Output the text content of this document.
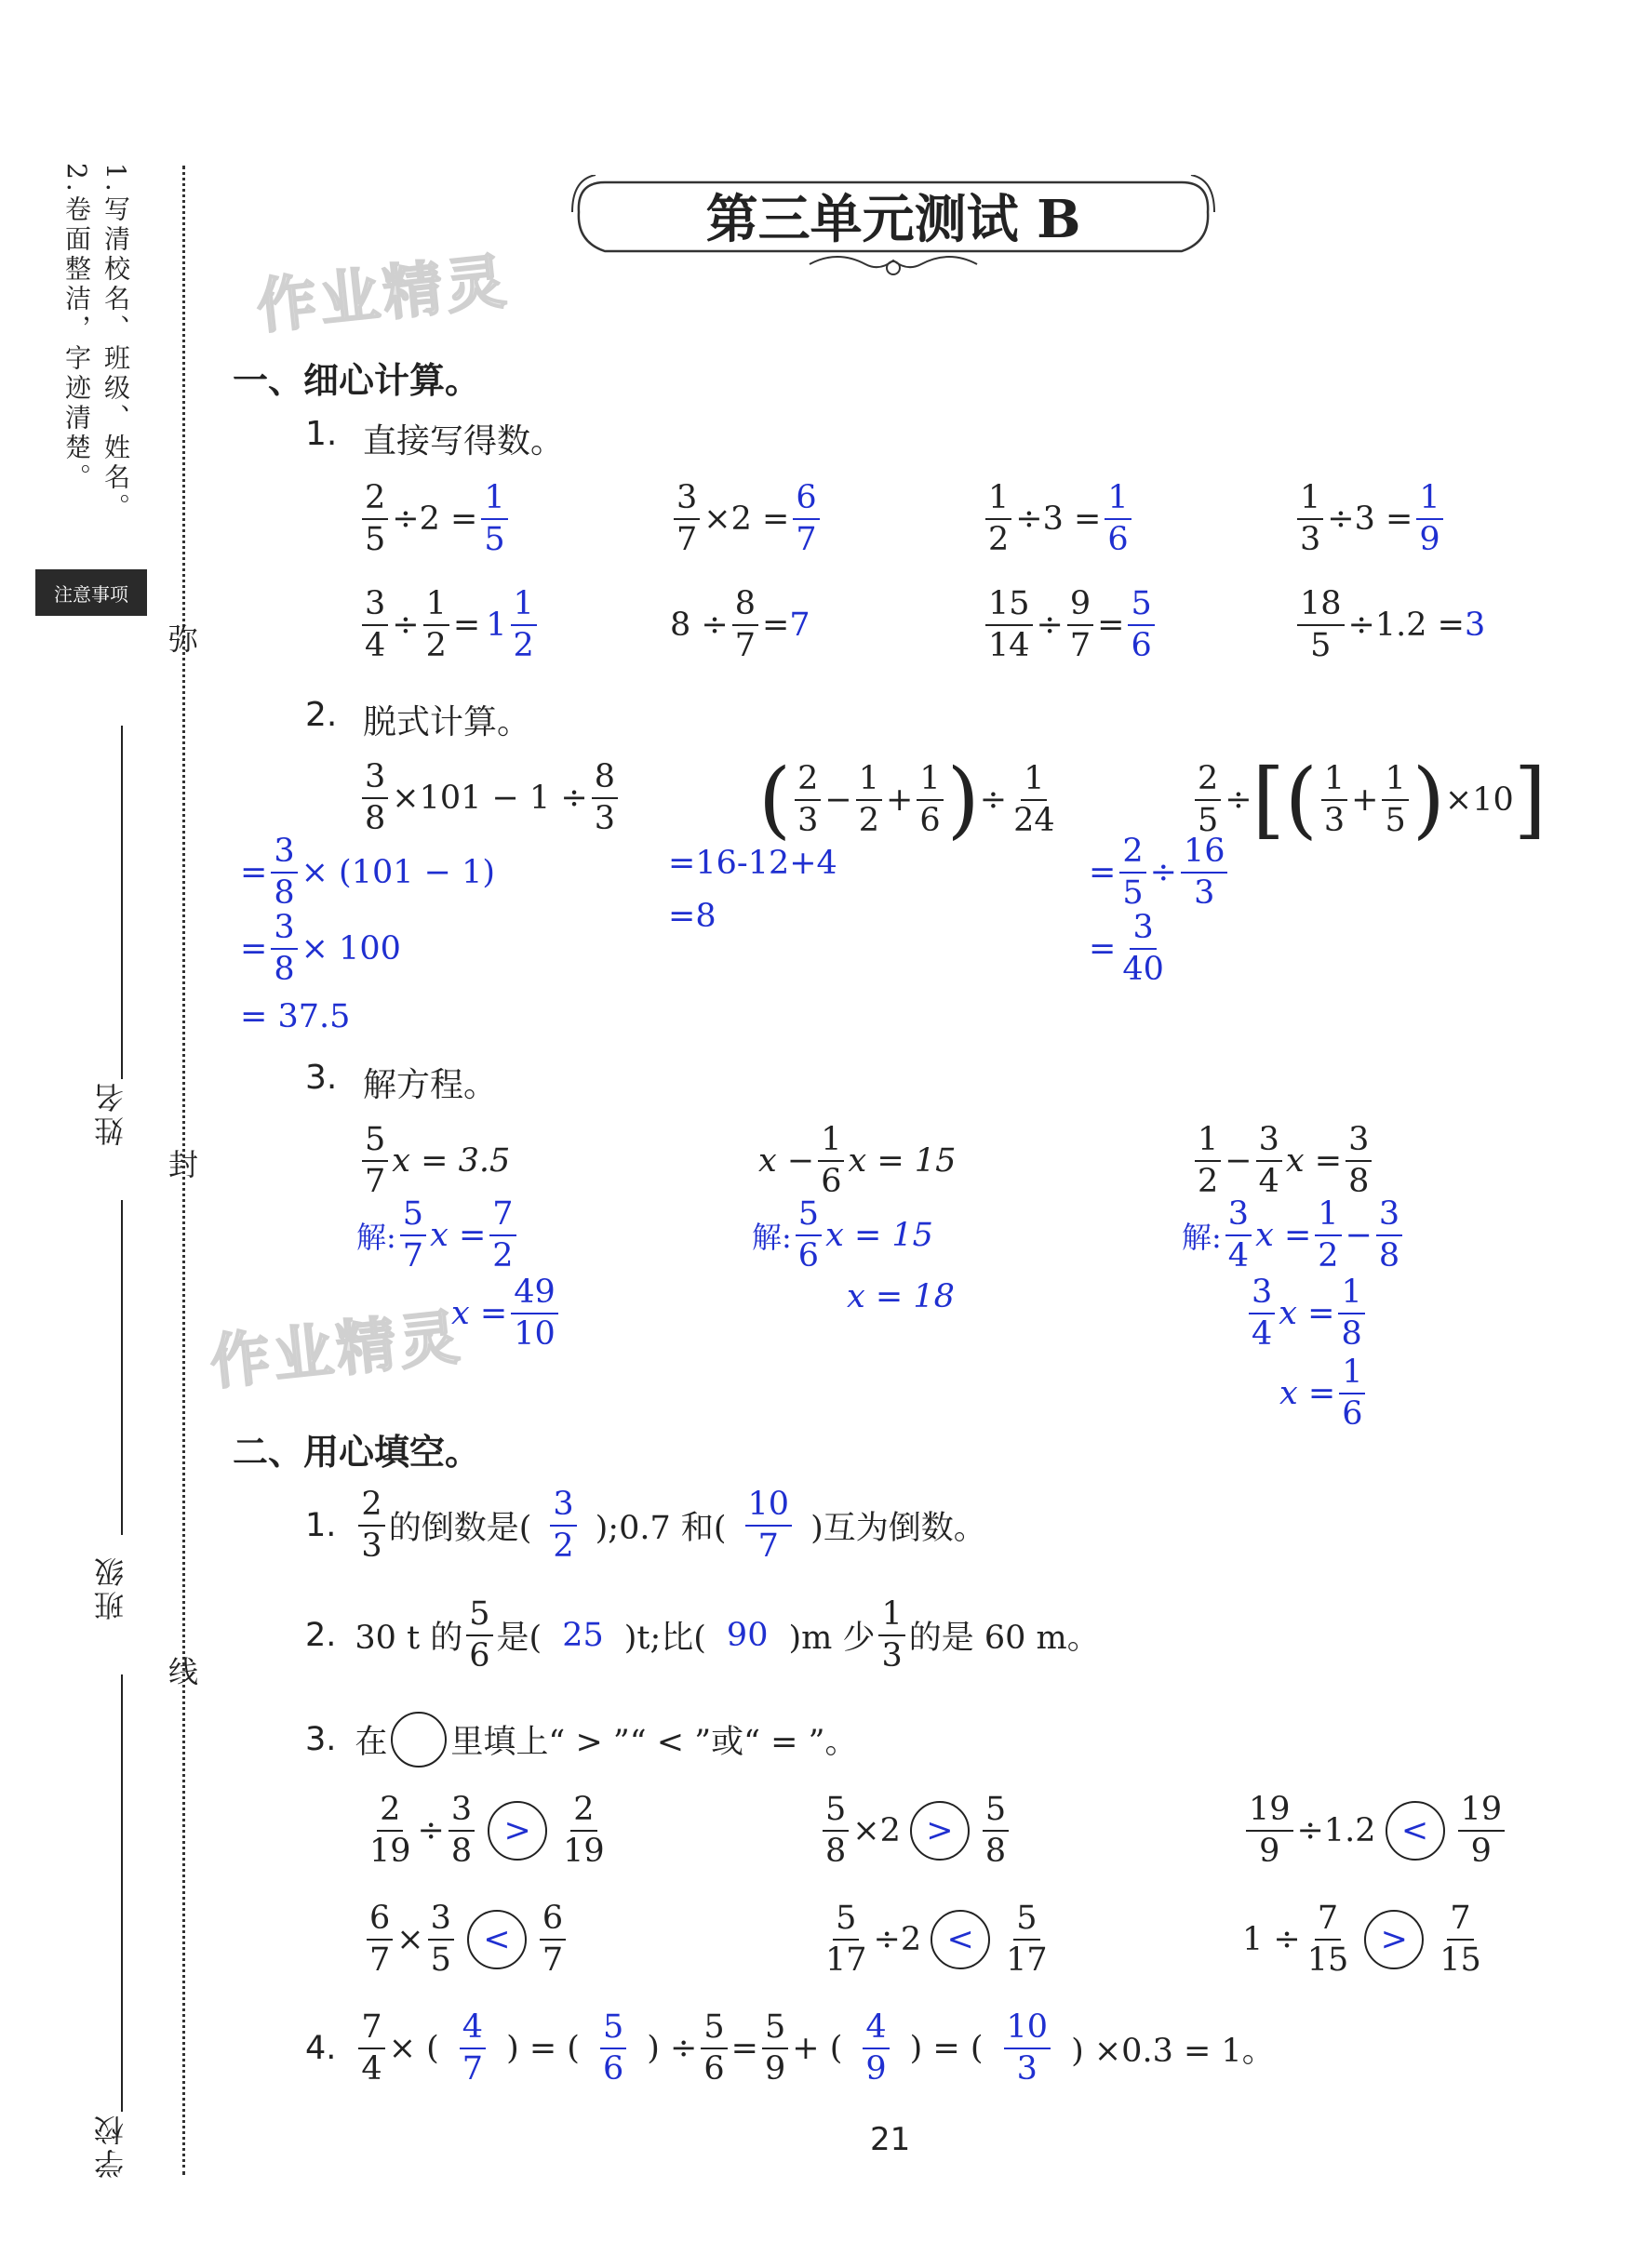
2.卷面整洁，字迹清楚。 1.写清校名、班级、姓名。
注意事项
弥
封
线
姓名
班级
学校
第三单元测试 B
作业精灵
作业精灵
一、细心计算。
1. 直接写得数。
$\frac{2}{5} \div 2 = \frac{1}{5}$	$\frac{3}{7} \times 2 = \frac{6}{7}$	$\frac{1}{2} \div 3 = \frac{1}{6}$	$\frac{1}{3} \div 3 = \frac{1}{9}$
$\frac{3}{4} \div \frac{1}{2} = 1 \frac{1}{2}$	$8 \div \frac{8}{7} = 7$	$\frac{15}{14} \div \frac{9}{7} = \frac{5}{6}$	$\frac{18}{5} \div 1.2 = 3$
2. 脱式计算。
$\frac{3}{8} \times 101 - 1 \div \frac{8}{3}$
= $\frac{3}{8} \times (101 - 1)$
= $\frac{3}{8} \times 100$
= 37.5
( $\frac{2}{3} - \frac{1}{2} + \frac{1}{6}$ ) ÷ $\frac{1}{24}$
=16-12+4
=8
$\frac{2}{5}$ ÷ [ ( $\frac{1}{3} + \frac{1}{5}$ ) ×10 ]
= $\frac{2}{5} \div \frac{16}{3}$
= $\frac{3}{40}$
3. 解方程。
$\frac{5}{7}$ x = 3.5
解: $\frac{5}{7}$ $x = \frac{7}{2}$
$x = \frac{49}{10}$
$x - \frac{1}{6}$ x = 15
解: $\frac{5}{6}$ x = 15
x = 18
$\frac{1}{2} - \frac{3}{4}$ $x = \frac{3}{8}$
解: $\frac{3}{4}$ $x = \frac{1}{2} - \frac{3}{8}$
$\frac{3}{4}$ $x = \frac{1}{8}$
$x = \frac{1}{6}$
二、用心填空。
1. $\frac{2}{3}$ 的倒数是( $\frac{3}{2}$ );0.7 和( $\frac{10}{7}$ )互为倒数。
2. 30 t 的 $\frac{5}{6}$ 是( 25 )t;比( 90 )m 少 $\frac{1}{3}$ 的是 60 m。
3. 在 里填上“ > ”“ < ”或“ = ”。
$\frac{2}{19} \div \frac{3}{8} > \frac{2}{19}$	$\frac{5}{8} \times 2 > \frac{5}{8}$	$\frac{19}{9} \div 1.2 < \frac{19}{9}$
$\frac{6}{7} \times \frac{3}{5} < \frac{6}{7}$	$\frac{5}{17} \div 2 < \frac{5}{17}$	$1 \div \frac{7}{15} > \frac{7}{15}$
4. $\frac{7}{4}$ × ( $\frac{4}{7}$ ) = ( $\frac{5}{6}$ ) ÷ $\frac{5}{6} = \frac{5}{9}$ + ( $\frac{4}{9}$ ) = ( $\frac{10}{3}$ ) ×0.3 = 1。
21
